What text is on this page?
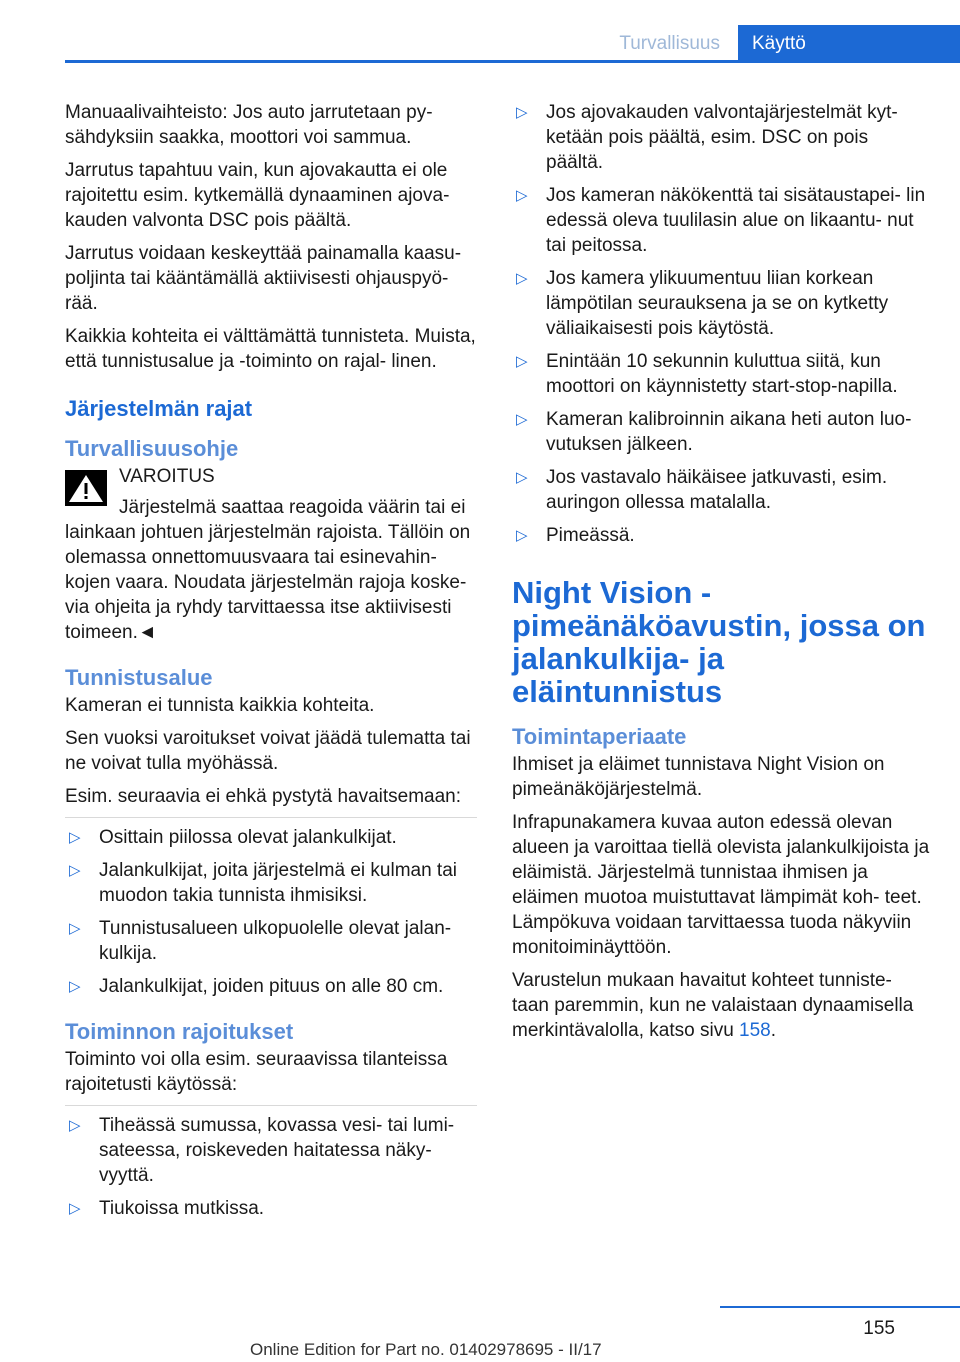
Turvallisuus	Käyttö

Manuaalivaihteisto: Jos auto jarrutetaan py‐ sähdyksiin saakka, moottori voi sammua.

Jarrutus tapahtuu vain, kun ajovakautta ei ole rajoitettu esim. kytkemällä dynaaminen ajova‐ kauden valvonta DSC pois päältä.

Jarrutus voidaan keskeyttää painamalla kaasu‐ poljinta tai kääntämällä aktiivisesti ohjauspyö‐ rää.

Kaikkia kohteita ei välttämättä tunnisteta. Muista, että tunnistusalue ja -toiminto on rajal‐ linen.

Järjestelmän rajat
Turvallisuusohje
VAROITUS
Järjestelmä saattaa reagoida väärin tai ei lainkaan johtuen järjestelmän rajoista. Tällöin on olemassa onnettomuusvaara tai esinevahin‐ kojen vaara. Noudata järjestelmän rajoja koske‐ via ohjeita ja ryhdy tarvittaessa itse aktiivisesti toimeen.◄
Tunnistusalue

Kameran ei tunnista kaikkia kohteita.

Sen vuoksi varoitukset voivat jäädä tulematta tai ne voivat tulla myöhässä.

Esim. seuraavia ei ehkä pystytä havaitsemaan:

▷ Osittain piilossa olevat jalankulkijat.
▷ Jalankulkijat, joita järjestelmä ei kulman tai muodon takia tunnista ihmisiksi.
▷ Tunnistusalueen ulkopuolelle olevat jalan‐ kulkija.
▷ Jalankulkijat, joiden pituus on alle 80 cm.
Toiminnon rajoitukset

Toiminto voi olla esim. seuraavissa tilanteissa rajoitetusti käytössä:

▷ Tiheässä sumussa, kovassa vesi- tai lumi‐ sateessa, roiskeveden haitatessa näky‐ vyyttä.
▷ Tiukoissa mutkissa.
▷ Jos ajovakauden valvontajärjestelmät kyt‐ ketään pois päältä, esim. DSC on pois päältä.
▷ Jos kameran näkökenttä tai sisätaustapei‐ lin edessä oleva tuulilasin alue on likaantu‐ nut tai peitossa.
▷ Jos kamera ylikuumentuu liian korkean lämpötilan seurauksena ja se on kytketty väliaikaisesti pois käytöstä.
▷ Enintään 10 sekunnin kuluttua siitä, kun moottori on käynnistetty start-stop-napilla.
▷ Kameran kalibroinnin aikana heti auton luo‐ vutuksen jälkeen.
▷ Jos vastavalo häikäisee jatkuvasti, esim. auringon ollessa matalalla.
▷ Pimeässä.
Night Vision - pimeänäköavustin, jossa on jalankulkija- ja eläintunnistus
Toimintaperiaate

Ihmiset ja eläimet tunnistava Night Vision on pimeänäköjärjestelmä.

Infrapunakamera kuvaa auton edessä olevan alueen ja varoittaa tiellä olevista jalankulkijoista ja eläimistä. Järjestelmä tunnistaa ihmisen ja eläimen muotoa muistuttavat lämpimät koh‐ teet. Lämpökuva voidaan tarvittaessa tuoda näkyviin monitoiminäyttöön.

Varustelun mukaan havaitut kohteet tunniste‐ taan paremmin, kun ne valaistaan dynaamisella merkintävalolla, katso sivu 158.

155
Online Edition for Part no. 01402978695 - II/17
